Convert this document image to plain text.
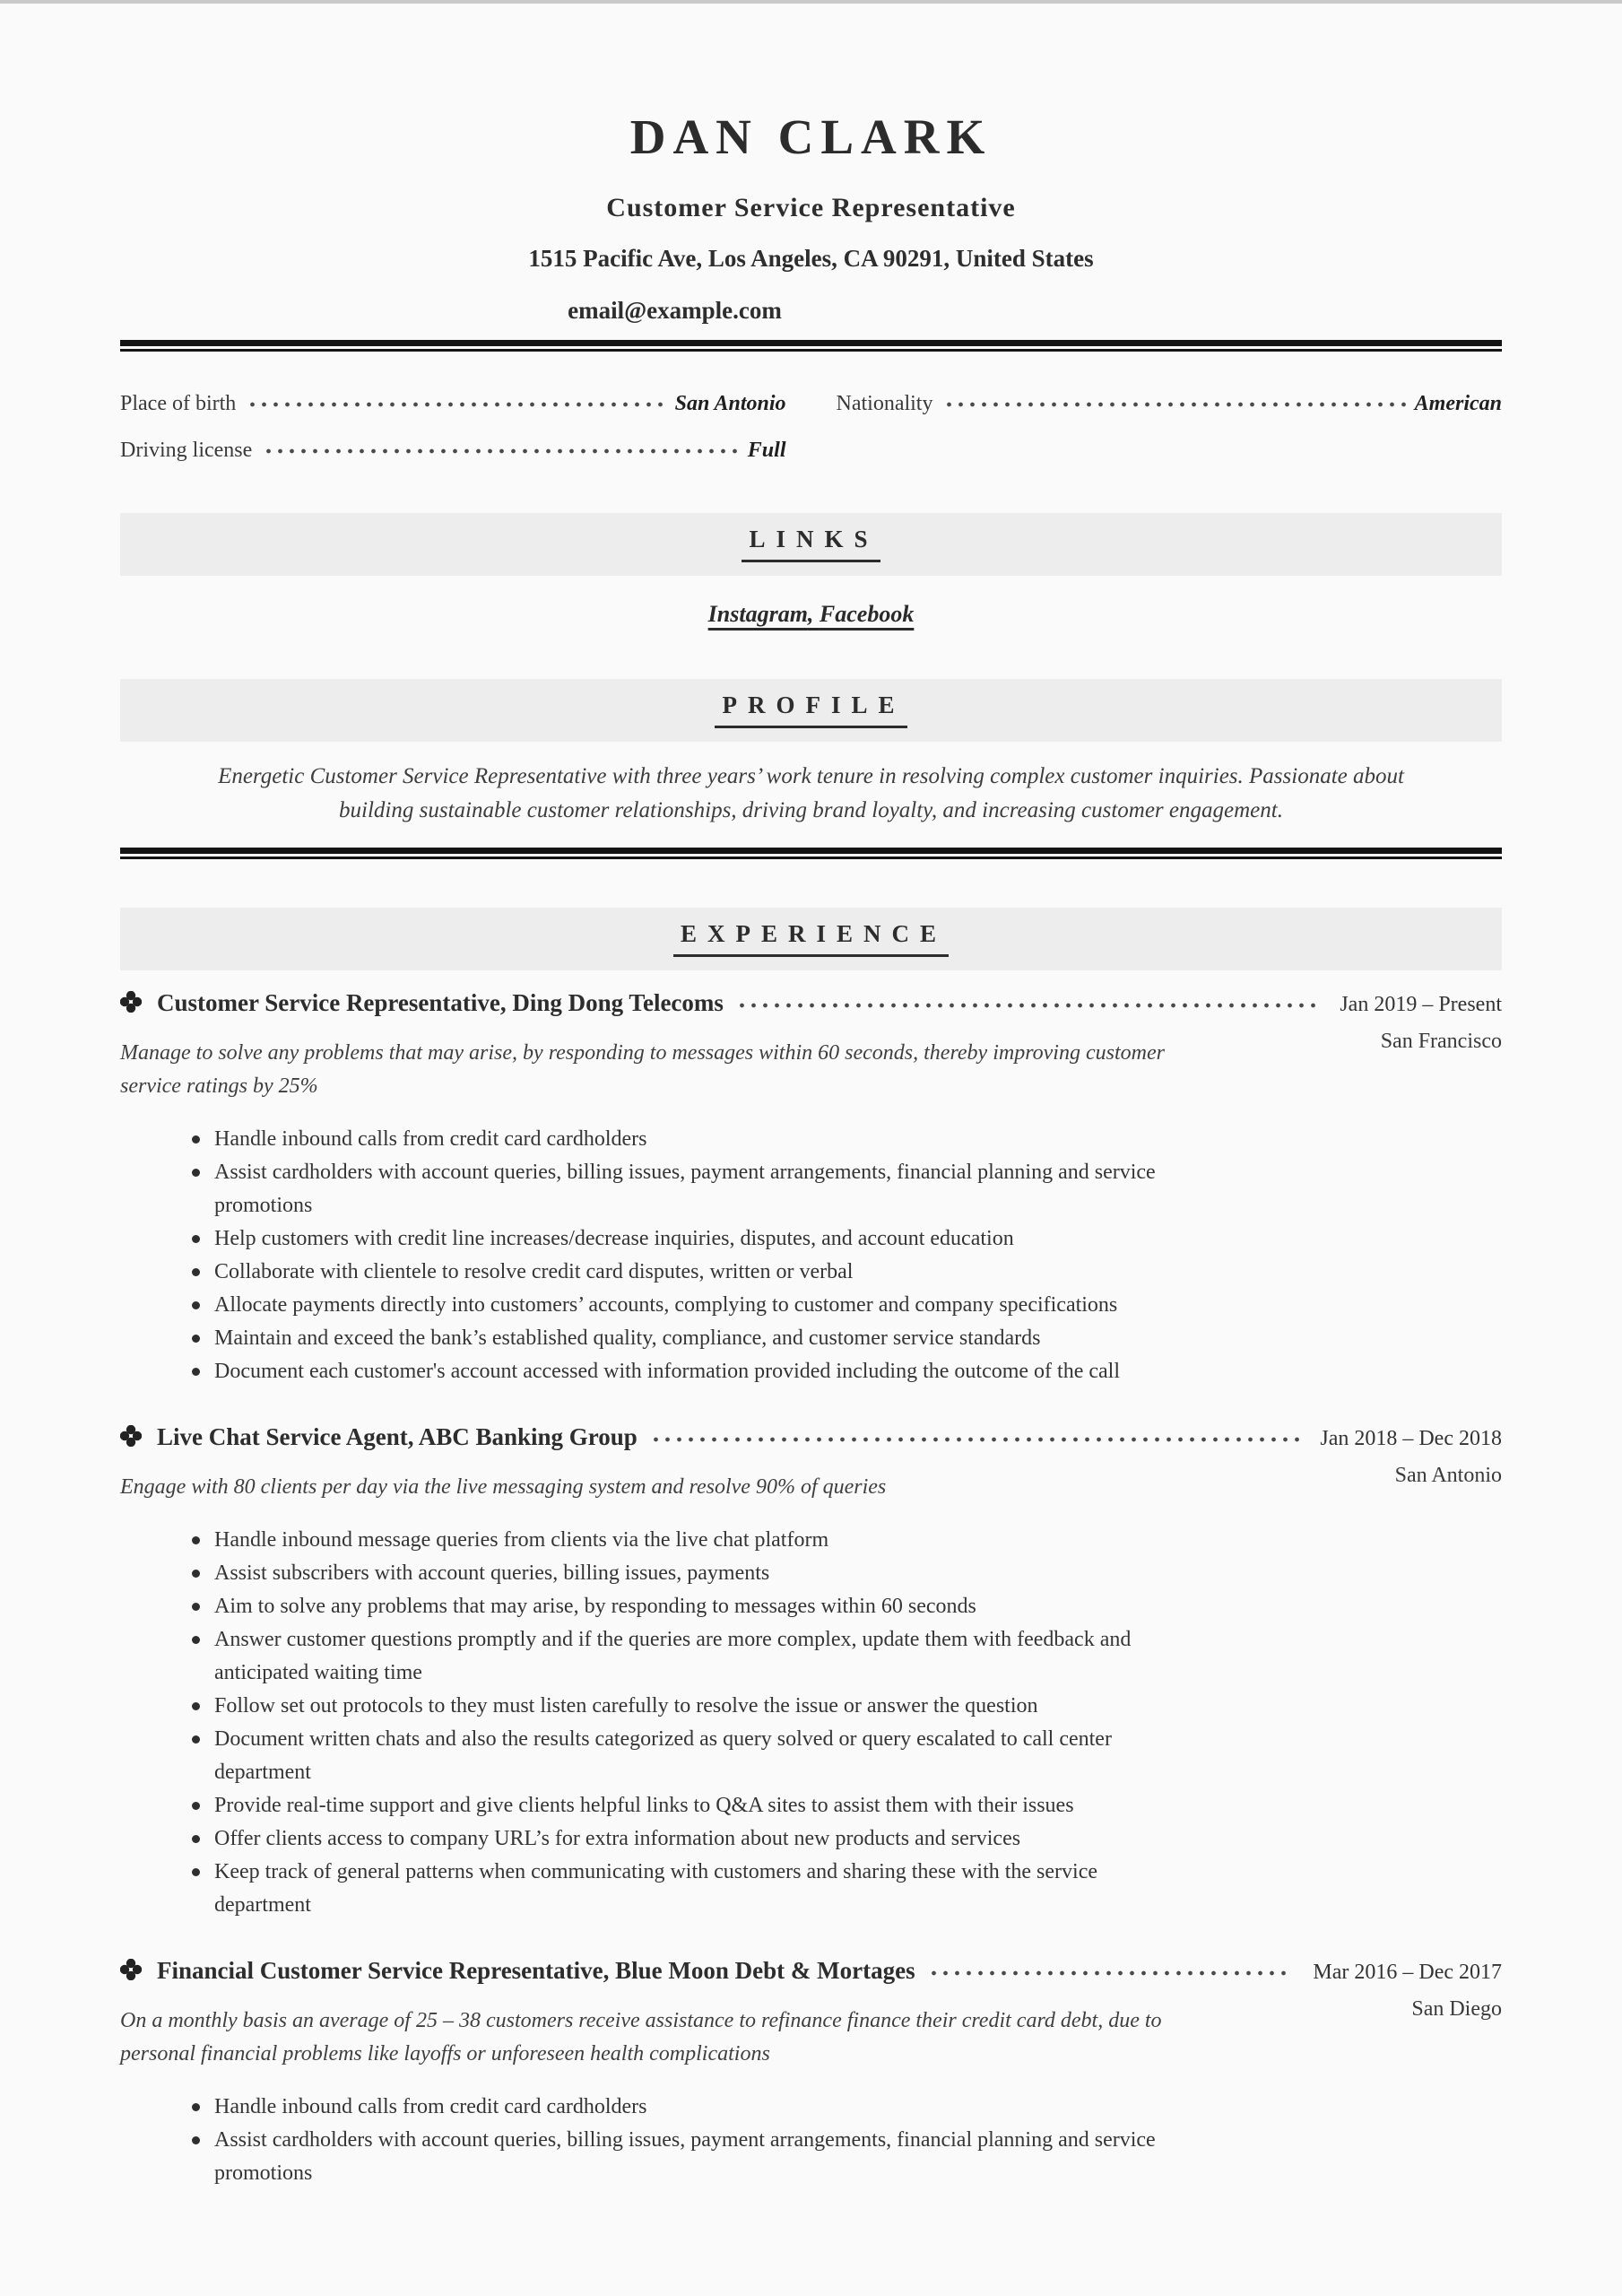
DAN CLARK
Customer Service Representative
1515 Pacific Ave, Los Angeles, CA 90291, United States
email@example.com
Place of birth	San Antonio Nationality	American
Driving license	Full
LINKS
Instagram, Facebook
PROFILE
Energetic Customer Service Representative with three years’ work tenure in resolving complex customer inquiries. Passionate about building sustainable customer relationships, driving brand loyalty, and increasing customer engagement.
EXPERIENCE
Customer Service Representative, Ding Dong Telecoms	Jan 2019 – Present
San Francisco
Manage to solve any problems that may arise, by responding to messages within 60 seconds, thereby improving customer service ratings by 25%
Handle inbound calls from credit card cardholders
Assist cardholders with account queries, billing issues, payment arrangements, financial planning and service promotions
Help customers with credit line increases/decrease inquiries, disputes, and account education
Collaborate with clientele to resolve credit card disputes, written or verbal
Allocate payments directly into customers’ accounts, complying to customer and company specifications
Maintain and exceed the bank’s established quality, compliance, and customer service standards
Document each customer's account accessed with information provided including the outcome of the call
Live Chat Service Agent, ABC Banking Group	Jan 2018 – Dec 2018
San Antonio
Engage with 80 clients per day via the live messaging system and resolve 90% of queries
Handle inbound message queries from clients via the live chat platform
Assist subscribers with account queries, billing issues, payments
Aim to solve any problems that may arise, by responding to messages within 60 seconds
Answer customer questions promptly and if the queries are more complex, update them with feedback and anticipated waiting time
Follow set out protocols to they must listen carefully to resolve the issue or answer the question
Document written chats and also the results categorized as query solved or query escalated to call center department
Provide real-time support and give clients helpful links to Q&A sites to assist them with their issues
Offer clients access to company URL’s for extra information about new products and services
Keep track of general patterns when communicating with customers and sharing these with the service department
Financial Customer Service Representative, Blue Moon Debt & Mortages	Mar 2016 – Dec 2017
San Diego
On a monthly basis an average of 25 – 38 customers receive assistance to refinance finance their credit card debt, due to personal financial problems like layoffs or unforeseen health complications
Handle inbound calls from credit card cardholders
Assist cardholders with account queries, billing issues, payment arrangements, financial planning and service promotions
